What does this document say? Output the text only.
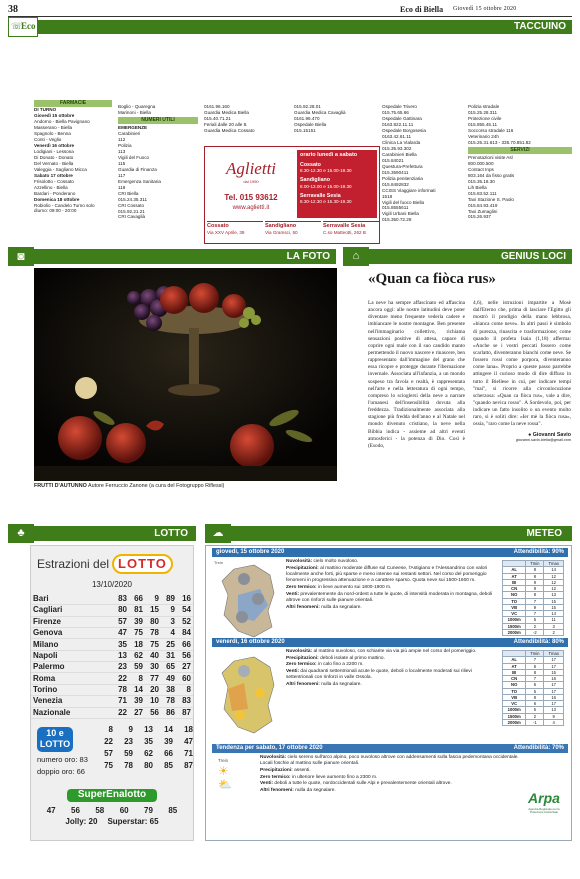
38	Eco di Biella Giovedì 15 ottobre 2020
TACCUINO
☏
Eco
FARMACIE

DI TURNO

Giovedì 15 ottobre

Andorno - Biella Pavignano

Masserano - Biella

Spagnolo - Benna

Conti - Veglio

Venerdì 16 ottobre

Lodigiani - Lessona

Di Donato - Donato

Del Vernato - Biella

Valeggia - Sagliano Micca

Sabato 17 ottobre

Frisolotto - Cossato

Azzellino - Biella

Bardari - Ponderano

Domenica 18 ottobre

Robiolio - Candelo Turno solo

diurno: 09:00 - 20:00

Boglio - Quaregna

Marinoni - Biella

NUMERI UTILI

EMERGENZE

Carabinieri

112

Polizia

113

Vigili del Fuoco

115

Guardia di Finanza

117

Emergenza Sanitaria

118

CRI Biella

015.24.35.311

CRI Cossato

015.92.21.21

CRI Cavaglià

0161.96.160

Guardia Medica Biella

015.40.71.21

Feriali dalle 20 alle 8.

Guardia Medica Cossato

015.92.28.01

Guardia Medica Cavaglià

0161.96.470

Ospedale Biella

015.15151

Ospedale Trivero

015.75.65.66

Ospedale Gattinara

0163.822.11.11

Ospedale Borgosesia

0163.42.61.11

Clinica La Vialarda

015.35.93.302

Carabinieri Biella

015.84021

Questura-Prefettura

015.3590411

Polizia penitenziaria

015.8492832

CCISS Viaggiare informati

1518

Vigili del fuoco Biella

015.8555611

Vigili Urbani Biella

015.350.72.28

Polizia stradale

015.25.28.311

Protezione civile

015.855.45.11

Soccorso stradale 116

Veterinario 24h

015.25.31.613 - 335.70.851.82

SERVIZI

Prenotazioni visite Asl

800.000.500

Contact Inps

803.164 da fisso gratis

015.35.18.30

Lih Biella

015.83.52.111

Taxi Stazione S. Paolo

015.84.93.419

Taxi Zumaglini

015.26.937

Aglietti
dal 1950
Tel. 015 93612
www.agliettì.it
orario lunedì a sabato
Cossato
8.30-12.30 e 15.00-19.30
Sandigliano
8.00-13.00 e 15.00-19.30
Serravalle Sesia
8.30-12.30 e 15.30-19.30
Cossato
Via XXV Aprile, 39
Sandigliano
Via Gramsci, 50
Serravalle Sesia
C.so Matteotti, 262 B
LA FOTO
◙	GENIUS LOCI
⌂
FRUTTI D'AUTUNNO Autore Ferruccio Zanone (a cura del Fotogruppo Riflessi)
«Quan ca fiòca rus»

La neve ha sempre affascinato ed affascina ancora oggi: alle nostre latitudini deve poter diventare meno frequente vederla cadere e imbiancare le nostre montagne. Ben presente nell'immaginario collettivo, richiama sensazioni positive di attesa, capace di coprire ogni male con il suo candido manto permettendo il nuovo nascere e rinascere, ben rappresentato dall'immagine del grano che essa ricopre e protegge durante l'ibernazione invernale. Associata all'infanzia, a un mondo sospeso tra favola e realtà, è rappresentata nell'arte e nella letteratura di ogni tempo, compreso lo scioglersi della neve a narrare l'umanesi dell'insensibilità dovuta alla freddezza. Tradizionalmente associata alla stagione più fredda dell'anno e al Natale nel mondo divenuto cristiano, la neve nella Bibbia indica - assieme ad altri eventi atmosferici - la potenza di Dio. Così è (Esodo,

4,6), nelle istruzioni impartite a Mosè dall'Eterno che, prima di lasciare l'Egitto gli mostrò il prodigio della mano lebbrosa, «bianca come neve». In altri passi è simbolo di purezza, rinascita e trasformazione; come quando il profeta Isaia (1,18) afferma: «Anche se i vostri peccati fossero come scarlatto, diventeranno bianchi come neve. Se fossero rossi come porpora, diventeranno come lana». Proprio a queste passo parrebbe attingere il curioso modo di dire diffuso in tutto il Biellese in cui, per indicare tempi "mai", si ricorre alla circonlocuzione scherzosa: «Quan ca fiòca rus», vale a dire, "quando nevica rosso". A Sordevolo, poi, per indicare un fatto insolito o un evento molto raro, si è soliti dire: «Ier mè la fiòca rusa», ossia, "raro come la neve rossa".

● Giovanni Savio
giovanni.savio.biella@gmail.com
LOTTO
♣
Estrazioni del LOTTO
13/10/2020
Bari	83	66	9	89	16
Cagliari	80	81	15	9	54
Firenze	57	39	80	3	52
Genova	47	75	78	4	84
Milano	35	18	75	25	66
Napoli	13	62	40	31	56
Palermo	23	59	30	65	27
Roma	22	8	77	49	60
Torino	78	14	20	38	8
Venezia	71	39	10	78	83
Nazionale	22	27	56	86	87
10 e LOTTO
numero oro: 83
doppio oro: 66
8	9	13	14	18
22	23	35	39	47
57	59	62	66	71
75	78	80	85	87
SuperEnalotto
47 56 58 60 79 85
Jolly: 20 Superstar: 65
METEO
☁
giovedì, 15 ottobre 2020	Attendibilità: 90%
Trein	Nuvolosità: cielo molto nuvoloso.

Precipitazioni: al mattino moderate diffuse sul Cuneese, l'Astigiano e l'Alessandrino con valori localmente anche forti, più sparse e meno intense sui restanti settori. Nel corso del pomeriggio fenomeni in progressiva attenuazione e a carattere sparso. Quota neve sui 1500-1600 m.

Zero termico: in lieve aumento sui 1800-1900 m.

Venti: prevalentemente da nord-ordest a tutte le quote, di intensità moderata in montagna, deboli altrove con rinforzi sulle pianure orientali.

Altri fenomeni: nulla da segnalare.

	Tmin	Tmax
AL	8	14
AT	8	12
BI	9	12
CN	9	12
NO	8	13
TO	7	15
VB	9	15
VC	7	14
1000m	5	11
1500m	2	3
2000m	-2	2
venerdì, 16 ottobre 2020	Attendibilità: 80%

Nuvolosità: al mattino nuvoloso, con schiarite via via più ampie nel corso del pomeriggio.

Precipitazioni: deboli isolate al primo mattino.

Zero termico: in calo fino a 2200 m.

Venti: dai quadranti settentrionali acute le quote, deboli o localmente moderati sui rilievi settentrionali con rinforzi in valle Ossola.

Altri fenomeni: nulla da segnalare.

	Tmin	Tmax
AL	7	17
AT	6	17
BI	8	15
CN	7	16
NO	6	17
TO	5	17
VB	8	16
VC	6	17
1000m	5	13
1500m	2	9
2000m	-1	4
Tendenza per sabato, 17 ottobre 2020	Attendibilità: 70%
Trein
☀
⛅

Nuvolosità: cielo sereno sull'arco alpino, poco nuvoloso altrove con addensamenti sulla fascia pedemontana occidentale. Locali foschie al mattino sulle pianure orientali.

Precipitazioni: assenti.

Zero termico: in ulteriore lieve aumento fino a 2300 m.

Venti: deboli a tutte le quote, nordoccidentali sulle Alpi e prevalentemente orientali altrove.

Altri fenomeni: nulla da segnalare.	Arpa
Agenzia Regionale per la Protezione Ambientale
